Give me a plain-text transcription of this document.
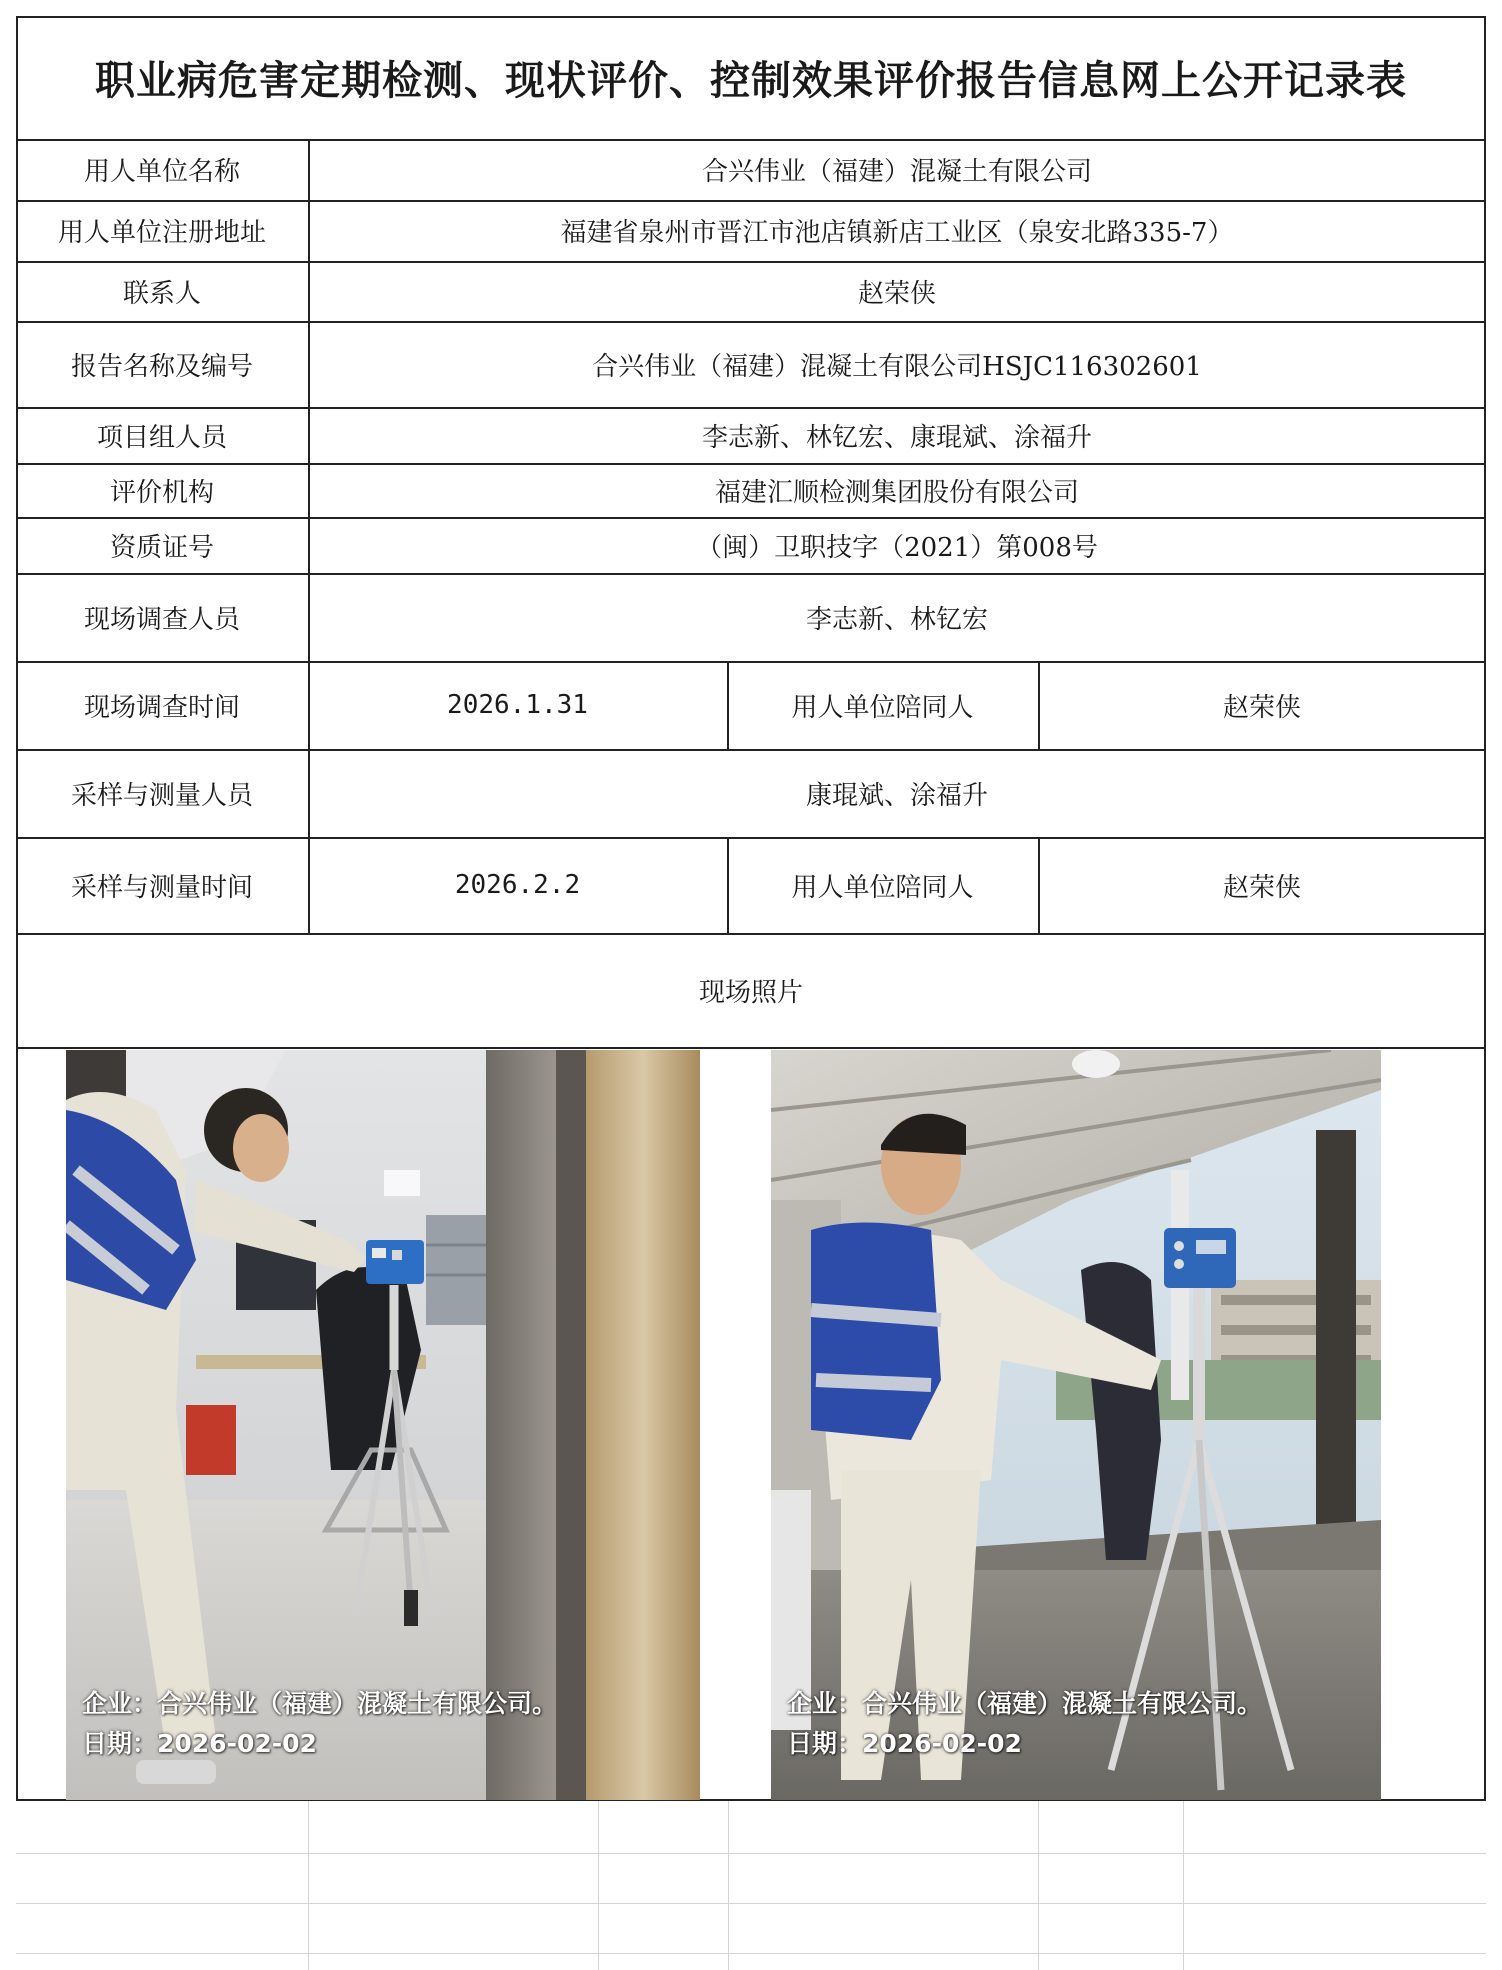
职业病危害定期检测、现状评价、控制效果评价报告信息网上公开记录表
用人单位名称	合兴伟业（福建）混凝土有限公司
用人单位注册地址	福建省泉州市晋江市池店镇新店工业区（泉安北路335-7）
联系人	赵荣侠
报告名称及编号	合兴伟业（福建）混凝土有限公司HSJC116302601
项目组人员	李志新、林钇宏、康琨斌、涂福升
评价机构	福建汇顺检测集团股份有限公司
资质证号	（闽）卫职技字（2021）第008号
现场调查人员	李志新、林钇宏
现场调查时间	2026.1.31	用人单位陪同人	赵荣侠
采样与测量人员	康琨斌、涂福升
采样与测量时间	2026.2.2	用人单位陪同人	赵荣侠
现场照片
企业：合兴伟业（福建）混凝土有限公司。
日期：2026-02-02
企业：合兴伟业（福建）混凝土有限公司。
日期：2026-02-02
